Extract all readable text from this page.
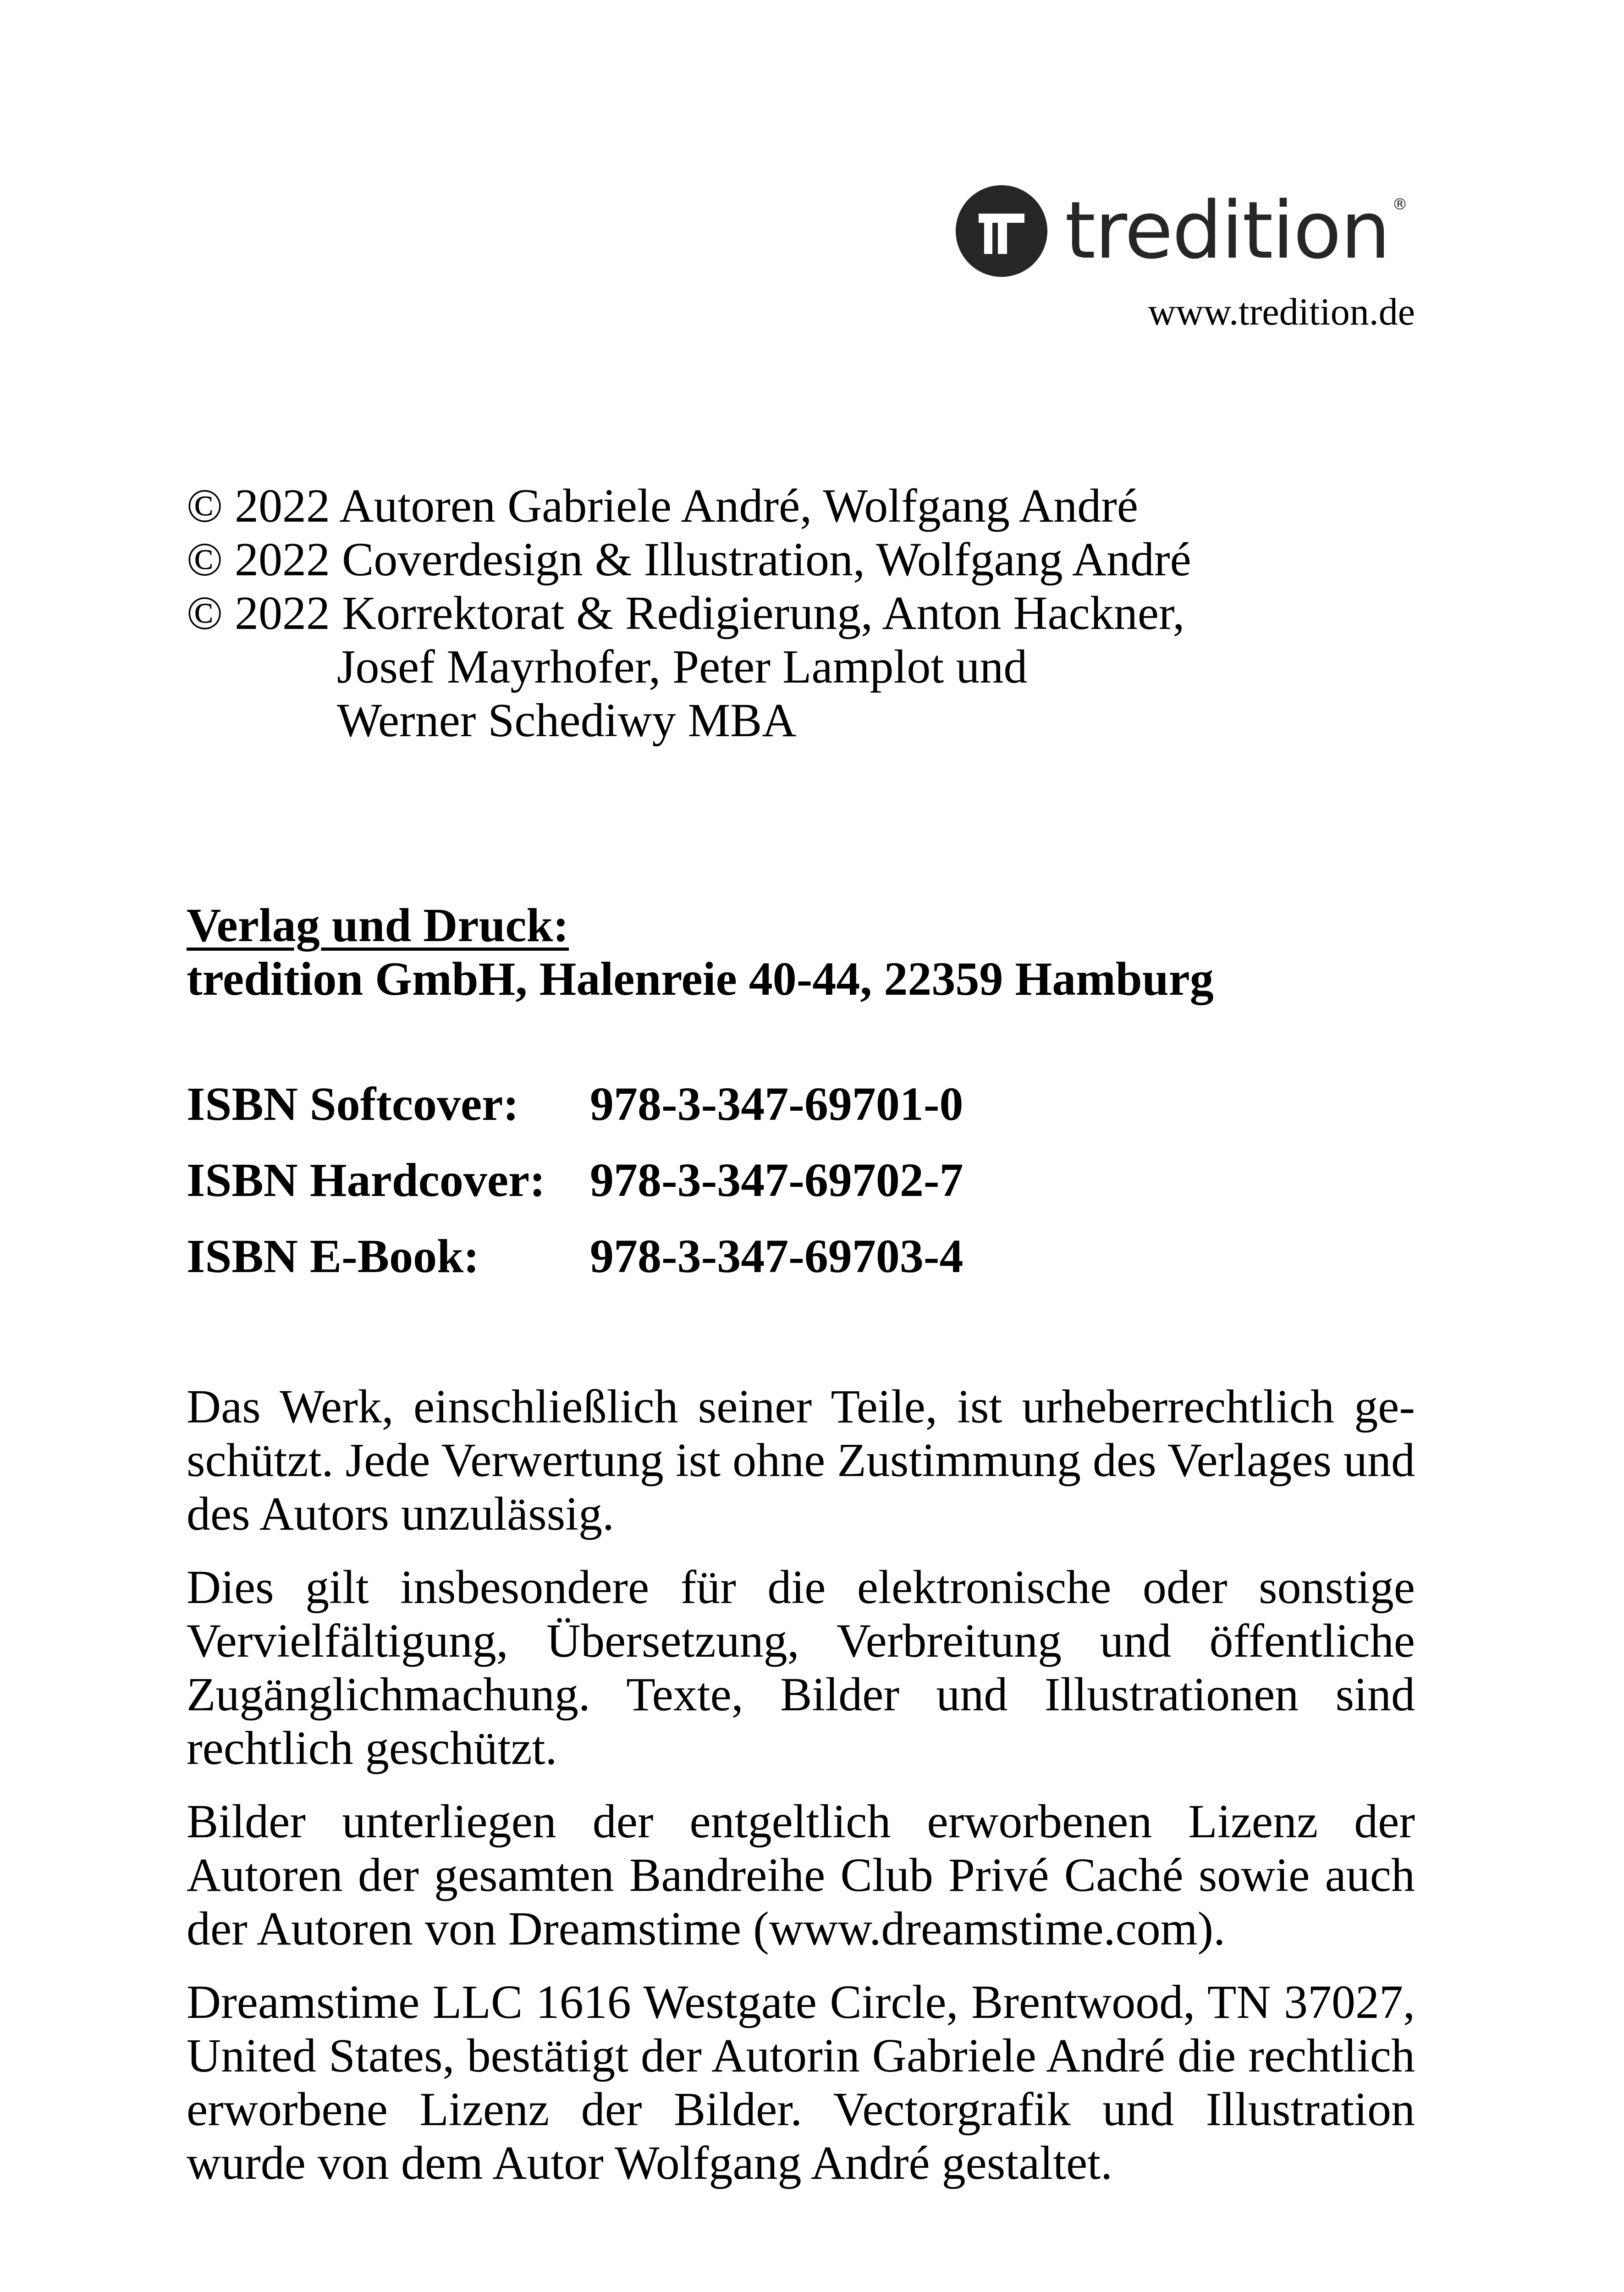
tredition ®
www.tredition.de
© 2022 Autoren Gabriele André, Wolfgang André
© 2022 Coverdesign & Illustration, Wolfgang André
© 2022 Korrektorat & Redigierung, Anton Hackner,
Josef Mayrhofer, Peter Lamplot und
Werner Schediwy MBA
Verlag und Druck:
tredition GmbH, Halenreie 40-44, 22359 Hamburg
ISBN Softcover: 978-3-347-69701-0
ISBN Hardcover: 978-3-347-69702-7
ISBN E-Book: 978-3-347-69703-4

Das Werk, einschließlich seiner Teile, ist urheberrechtlich geschützt. Jede Verwertung ist ohne Zustimmung des Verlages und des Autors unzulässig.

Dies gilt insbesondere für die elektronische oder sonstige Vervielfältigung, Übersetzung, Verbreitung und öffentliche Zugänglichmachung. Texte, Bilder und Illustrationen sind rechtlich geschützt.

Bilder unterliegen der entgeltlich erworbenen Lizenz der Autoren der gesamten Bandreihe Club Privé Caché sowie auch der Autoren von Dreamstime (www.dreamstime.com).

Dreamstime LLC 1616 Westgate Circle, Brentwood, TN 37027, United States, bestätigt der Autorin Gabriele André die rechtlich erworbene Lizenz der Bilder. Vectorgrafik und Illustration wurde von dem Autor Wolfgang André gestaltet.
